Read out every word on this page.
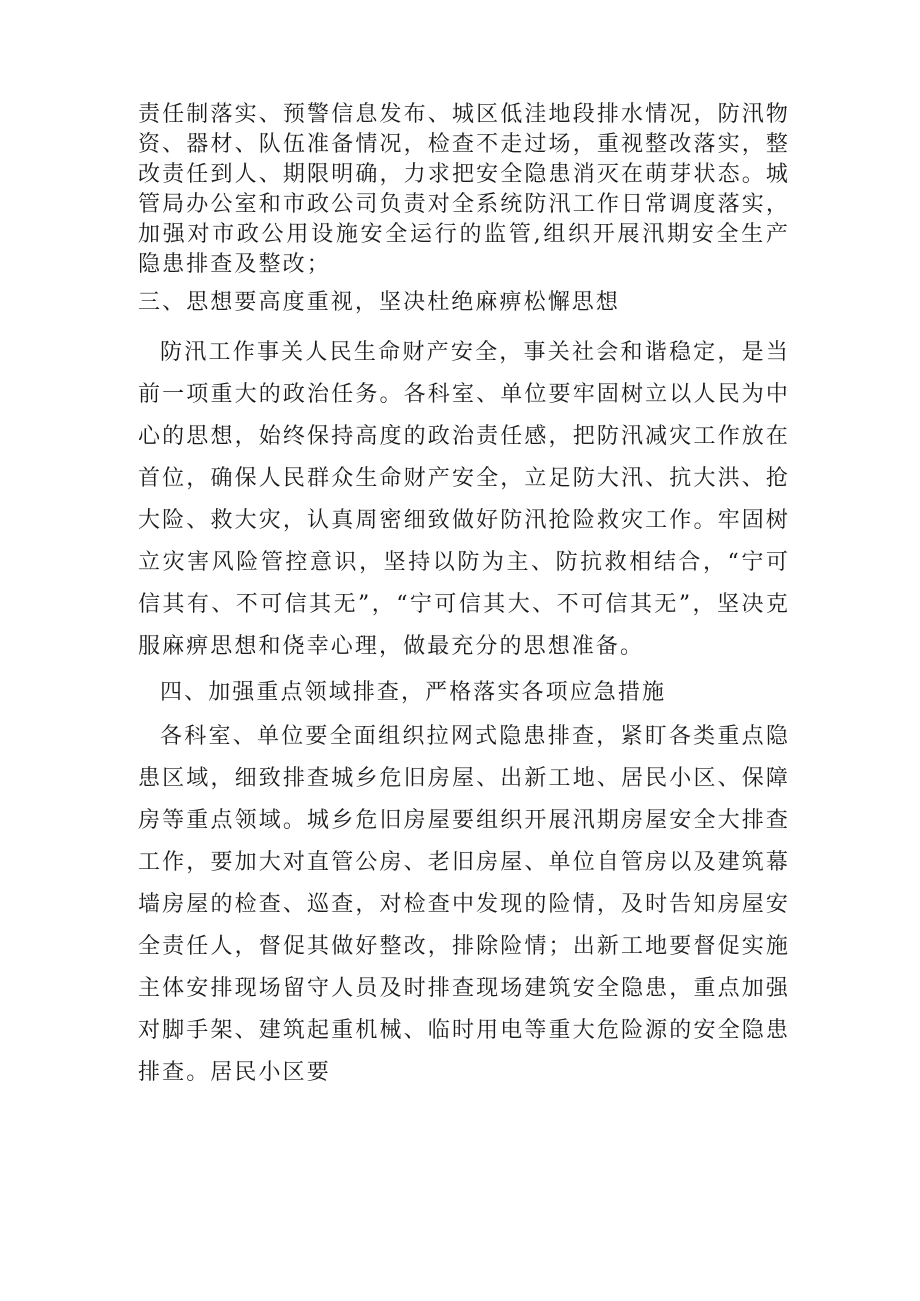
责任制落实、预警信息发布、城区低洼地段排水情况，防汛物资、器材、队伍准备情况，检查不走过场，重视整改落实，整改责任到人、期限明确，力求把安全隐患消灭在萌芽状态。城管局办公室和市政公司负责对全系统防汛工作日常调度落实，加强对市政公用设施安全运行的监管,组织开展汛期安全生产隐患排查及整改；

三、思想要高度重视，坚决杜绝麻痹松懈思想

防汛工作事关人民生命财产安全，事关社会和谐稳定，是当前一项重大的政治任务。各科室、单位要牢固树立以人民为中心的思想，始终保持高度的政治责任感，把防汛减灾工作放在首位，确保人民群众生命财产安全，立足防大汛、抗大洪、抢大险、救大灾，认真周密细致做好防汛抢险救灾工作。牢固树立灾害风险管控意识，坚持以防为主、防抗救相结合，“宁可信其有、不可信其无”，“宁可信其大、不可信其无”，坚决克服麻痹思想和侥幸心理，做最充分的思想准备。

四、加强重点领域排查，严格落实各项应急措施

各科室、单位要全面组织拉网式隐患排查，紧盯各类重点隐患区域，细致排查城乡危旧房屋、出新工地、居民小区、保障房等重点领域。城乡危旧房屋要组织开展汛期房屋安全大排查工作，要加大对直管公房、老旧房屋、单位自管房以及建筑幕墙房屋的检查、巡查，对检查中发现的险情，及时告知房屋安全责任人，督促其做好整改，排除险情；出新工地要督促实施主体安排现场留守人员及时排查现场建筑安全隐患，重点加强对脚手架、建筑起重机械、临时用电等重大危险源的安全隐患排查。居民小区要
